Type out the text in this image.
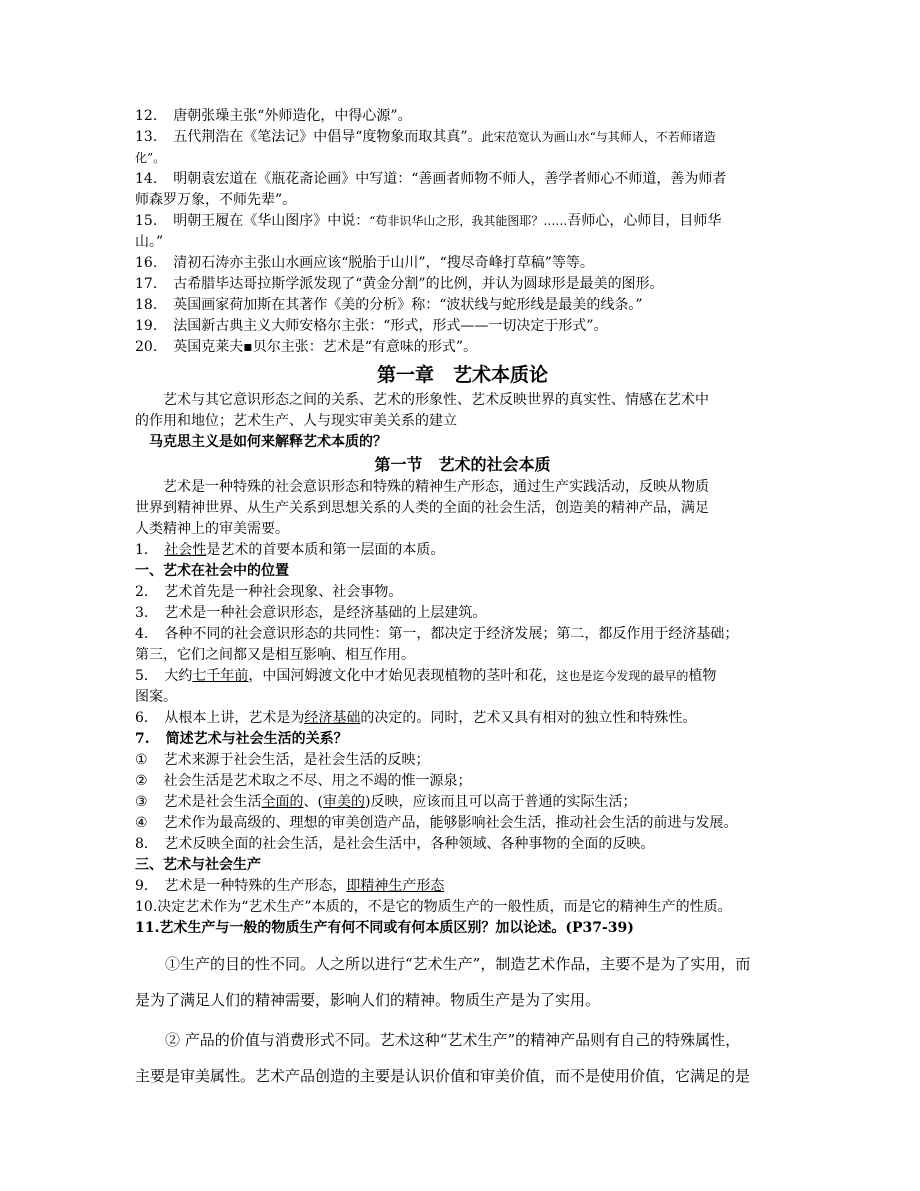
12. 唐朝张璪主张“外师造化，中得心源”。
13. 五代荆浩在《笔法记》中倡导“度物象而取其真”。此宋范宽认为画山水“与其师人，不若师诸造
化”。
14. 明朝袁宏道在《瓶花斋论画》中写道：“善画者师物不师人，善学者师心不师道，善为师者
师森罗万象，不师先辈”。
15. 明朝王履在《华山图序》中说：“苟非识华山之形，我其能图耶？……吾师心，心师目，目师华
山。”
16. 清初石涛亦主张山水画应该“脱胎于山川”，“搜尽奇峰打草稿”等等。
17. 古希腊毕达哥拉斯学派发现了“黄金分割”的比例，并认为圆球形是最美的图形。
18. 英国画家荷加斯在其著作《美的分析》称：“波状线与蛇形线是最美的线条。”
19. 法国新古典主义大师安格尔主张：“形式，形式——一切决定于形式”。
20. 英国克莱夫▪贝尔主张：艺术是“有意味的形式”。
第一章　艺术本质论
艺术与其它意识形态之间的关系、艺术的形象性、艺术反映世界的真实性、情感在艺术中
的作用和地位；艺术生产、人与现实审美关系的建立
马克思主义是如何来解释艺术本质的？
第一节　艺术的社会本质
艺术是一种特殊的社会意识形态和特殊的精神生产形态，通过生产实践活动，反映从物质
世界到精神世界、从生产关系到思想关系的人类的全面的社会生活，创造美的精神产品，满足
人类精神上的审美需要。
1. 社会性是艺术的首要本质和第一层面的本质。
一、艺术在社会中的位置
2. 艺术首先是一种社会现象、社会事物。
3. 艺术是一种社会意识形态，是经济基础的上层建筑。
4. 各种不同的社会意识形态的共同性：第一，都决定于经济发展；第二，都反作用于经济基础；
第三，它们之间都又是相互影响、相互作用。
5. 大约七千年前，中国河姆渡文化中才始见表现植物的茎叶和花，这也是迄今发现的最早的植物
图案。
6. 从根本上讲，艺术是为经济基础的决定的。同时，艺术又具有相对的独立性和特殊性。
7. 简述艺术与社会生活的关系？
① 艺术来源于社会生活，是社会生活的反映；
② 社会生活是艺术取之不尽、用之不竭的惟一源泉；
③ 艺术是社会生活全面的、(审美的)反映，应该而且可以高于普通的实际生活；
④ 艺术作为最高级的、理想的审美创造产品，能够影响社会生活，推动社会生活的前进与发展。
8. 艺术反映全面的社会生活，是社会生活中，各种领域、各种事物的全面的反映。
三、艺术与社会生产
9. 艺术是一种特殊的生产形态，即精神生产形态
10.决定艺术作为“艺术生产”本质的，不是它的物质生产的一般性质，而是它的精神生产的性质。
11.艺术生产与一般的物质生产有何不同或有何本质区别？加以论述。(P37-39)
①生产的目的性不同。人之所以进行“艺术生产”，制造艺术作品，主要不是为了实用，而
是为了满足人们的精神需要，影响人们的精神。物质生产是为了实用。
② 产品的价值与消费形式不同。艺术这种“艺术生产”的精神产品则有自己的特殊属性，
主要是审美属性。艺术产品创造的主要是认识价值和审美价值，而不是使用价值，它满足的是
